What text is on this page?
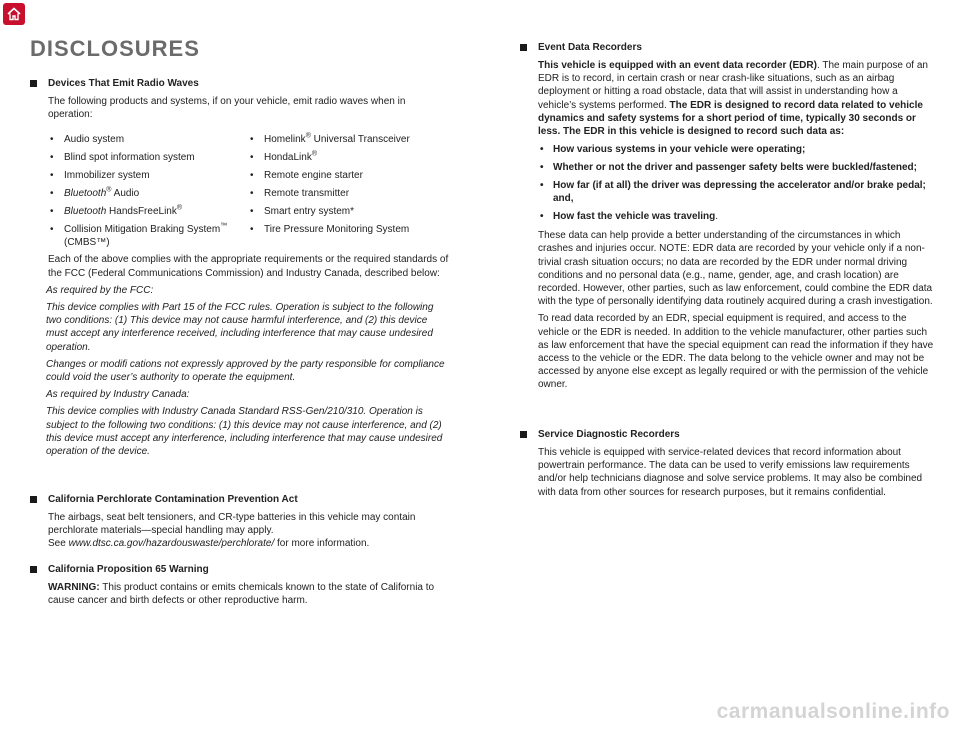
DISCLOSURES
Devices That Emit Radio Waves

The following products and systems, if on your vehicle, emit radio waves when in operation:

• Audio system
• Blind spot information system
• Immobilizer system
• Bluetooth® Audio
• Bluetooth HandsFreeLink®
• Collision Mitigation Braking System™
(CMBS™)
• Homelink® Universal Transceiver
• HondaLink®
• Remote engine starter
• Remote transmitter
• Smart entry system*
• Tire Pressure Monitoring System

Each of the above complies with the appropriate requirements or the required standards of the FCC (Federal Communications Commission) and Industry Canada, described below:

As required by the FCC:

This device complies with Part 15 of the FCC rules. Operation is subject to the following two conditions: (1) This device may not cause harmful interference, and (2) this device must accept any interference received, including interference that may cause undesired operation.

Changes or modifi cations not expressly approved by the party responsible for compliance could void the user’s authority to operate the equipment.

As required by Industry Canada:

This device complies with Industry Canada Standard RSS-Gen/210/310. Operation is subject to the following two conditions: (1) this device may not cause interference, and (2) this device must accept any interference, including interference that may cause undesired operation of the device.

California Perchlorate Contamination Prevention Act

The airbags, seat belt tensioners, and CR-type batteries in this vehicle may contain perchlorate materials—special handling may apply.
See www.dtsc.ca.gov/hazardouswaste/perchlorate/ for more information.

California Proposition 65 Warning

WARNING: This product contains or emits chemicals known to the state of California to cause cancer and birth defects or other reproductive harm.

Event Data Recorders

This vehicle is equipped with an event data recorder (EDR). The main purpose of an EDR is to record, in certain crash or near crash-like situations, such as an airbag deployment or hitting a road obstacle, data that will assist in understanding how a vehicle’s systems performed. The EDR is designed to record data related to vehicle dynamics and safety systems for a short period of time, typically 30 seconds or less. The EDR in this vehicle is designed to record such data as:

• How various systems in your vehicle were operating;
• Whether or not the driver and passenger safety belts were buckled/fastened;
• How far (if at all) the driver was depressing the accelerator and/or brake pedal; and,
• How fast the vehicle was traveling.

These data can help provide a better understanding of the circumstances in which crashes and injuries occur. NOTE: EDR data are recorded by your vehicle only if a non-trivial crash situation occurs; no data are recorded by the EDR under normal driving conditions and no personal data (e.g., name, gender, age, and crash location) are recorded. However, other parties, such as law enforcement, could combine the EDR data with the type of personally identifying data routinely acquired during a crash investigation.

To read data recorded by an EDR, special equipment is required, and access to the vehicle or the EDR is needed. In addition to the vehicle manufacturer, other parties such as law enforcement that have the special equipment can read the information if they have access to the vehicle or the EDR. The data belong to the vehicle owner and may not be accessed by anyone else except as legally required or with the permission of the vehicle owner.

Service Diagnostic Recorders

This vehicle is equipped with service-related devices that record information about powertrain performance. The data can be used to verify emissions law requirements and/or help technicians diagnose and solve service problems. It may also be combined with data from other sources for research purposes, but it remains confidential.

carmanualsonline.info
